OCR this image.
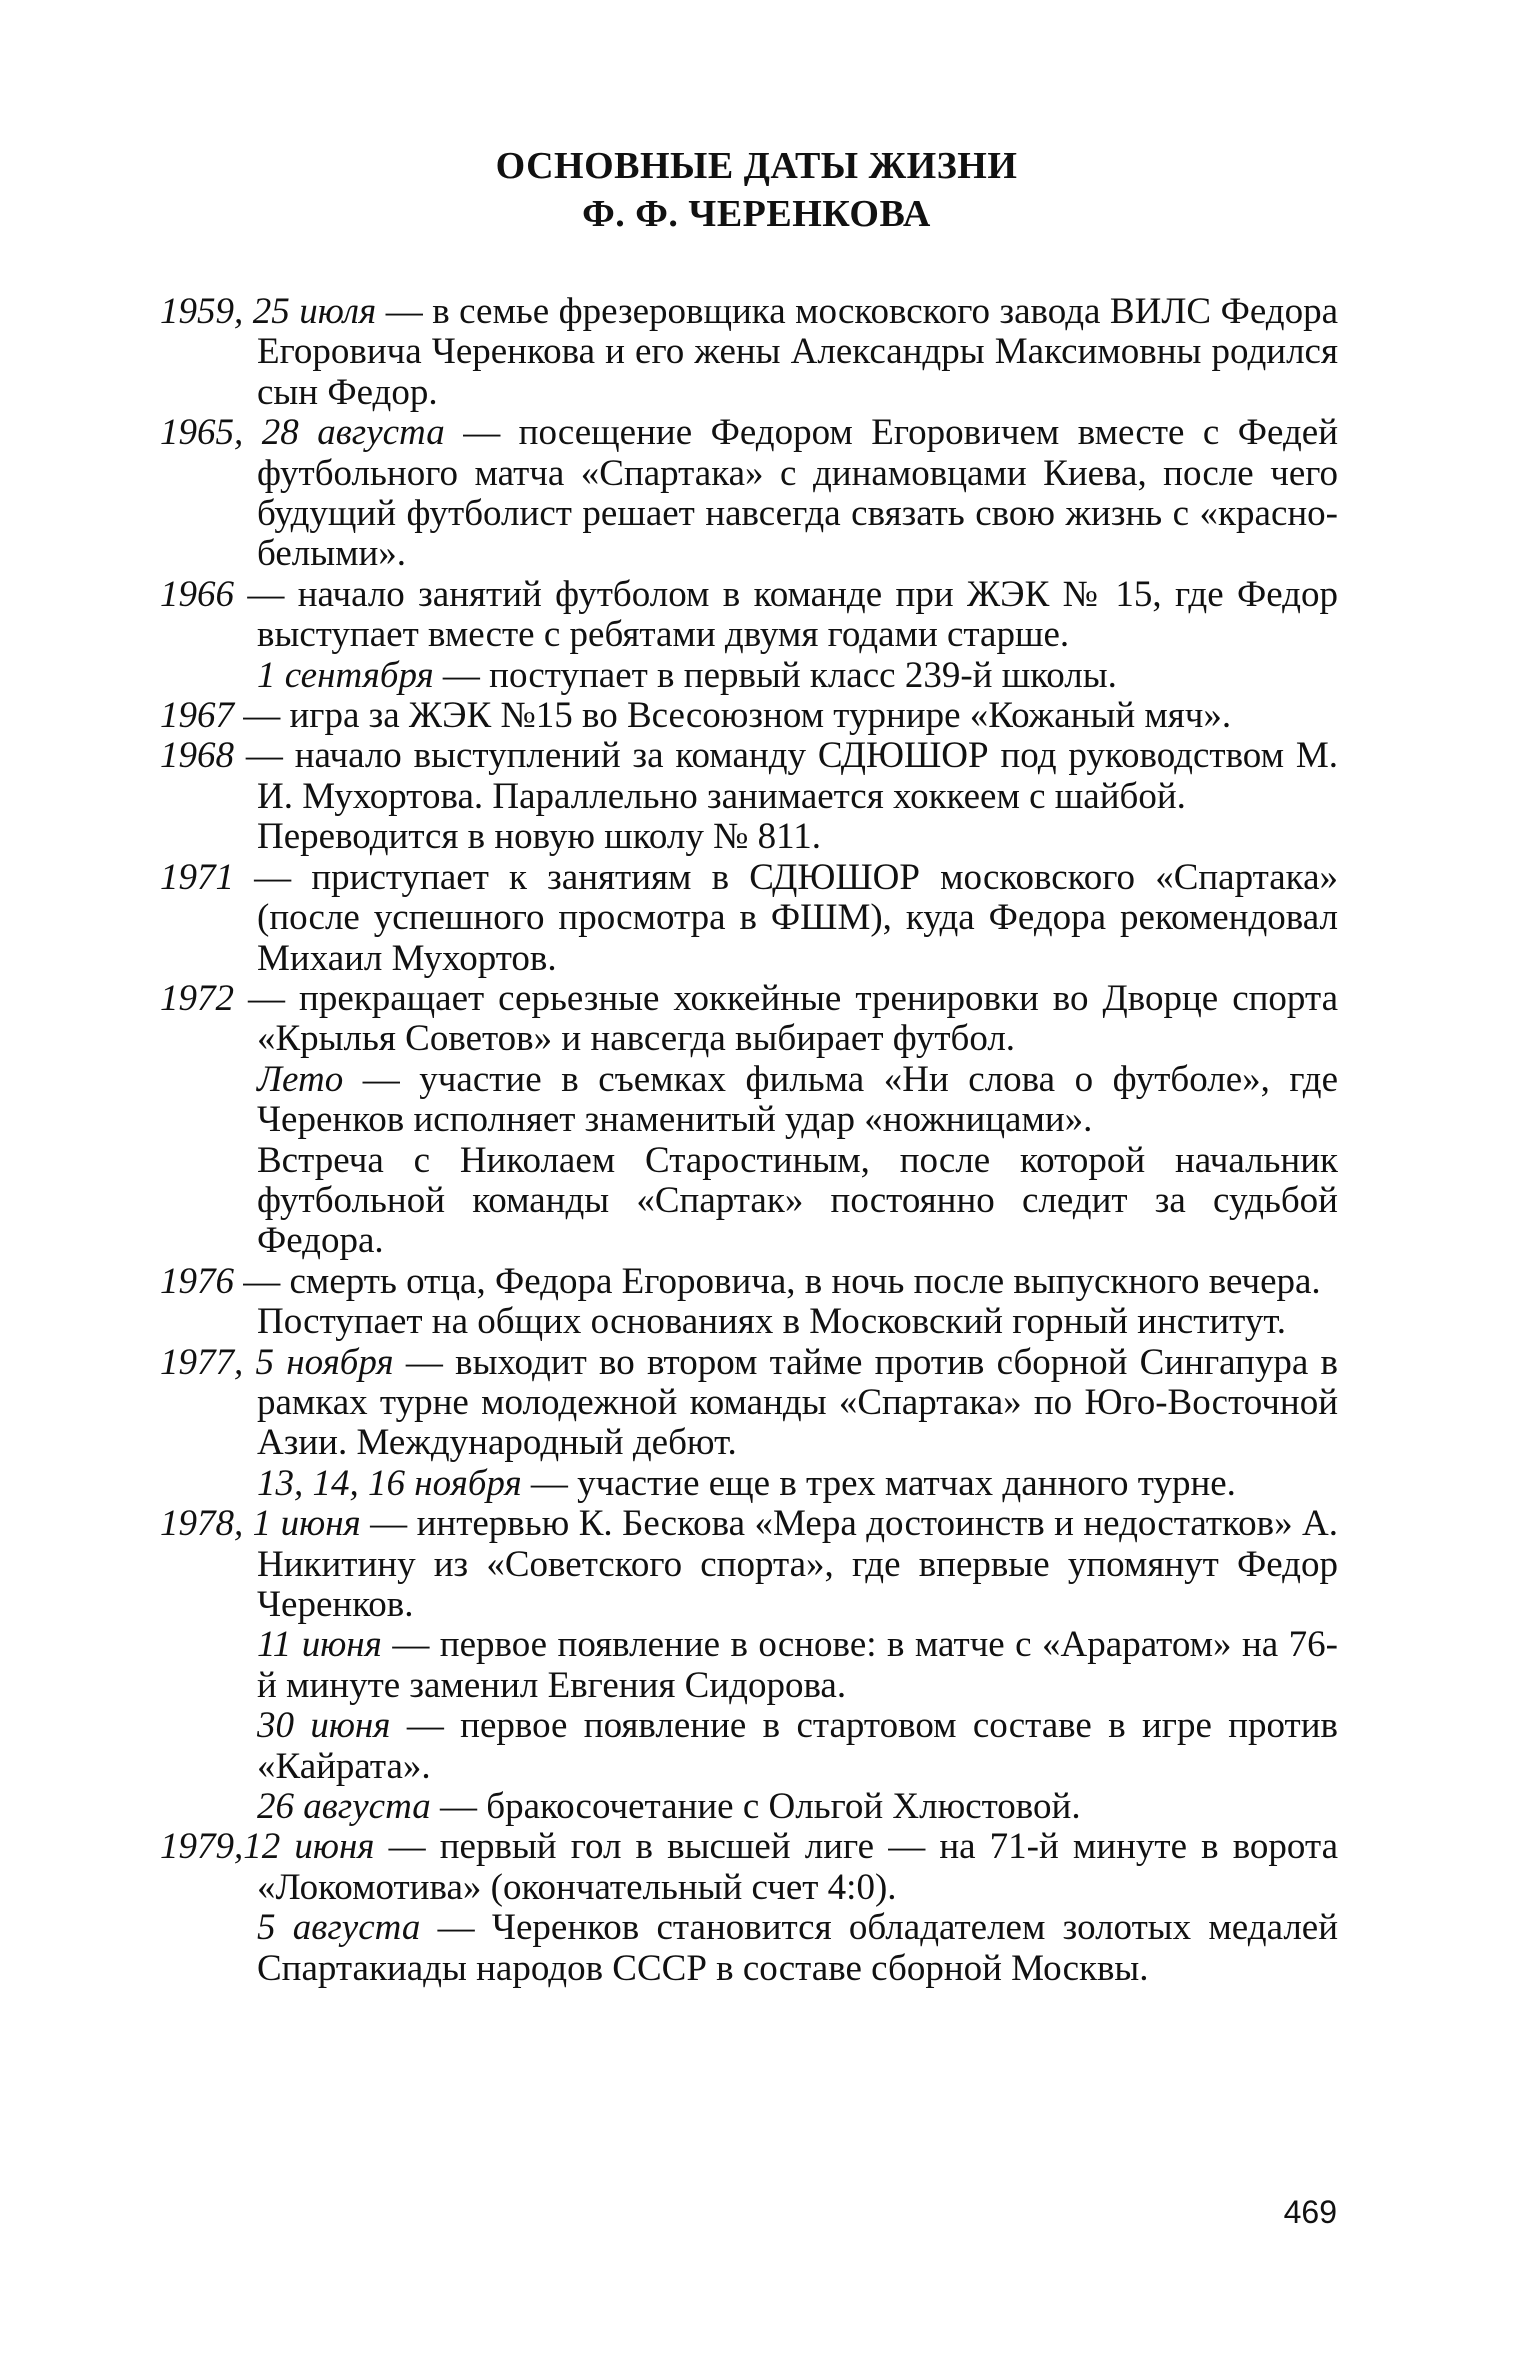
ОСНОВНЫЕ ДАТЫ ЖИЗНИ
Ф. Ф. ЧЕРЕНКОВА

1959, 25 июля — в семье фрезеровщика московского завода ВИЛС Федора Егоровича Черенкова и его жены Александры Максимовны родился сын Федор.

1965, 28 августа — посещение Федором Егоровичем вместе с Федей футбольного матча «Спартака» с динамовцами Киева, после чего будущий футболист решает навсегда связать свою жизнь с «красно-белыми».

1966 — начало занятий футболом в команде при ЖЭК № 15, где Федор выступает вместе с ребятами двумя годами старше.

1 сентября — поступает в первый класс 239-й школы.

1967 — игра за ЖЭК №15 во Всесоюзном турнире «Кожаный мяч».

1968 — начало выступлений за команду СДЮШОР под руководством М. И. Мухортова. Параллельно занимается хоккеем с шайбой.

Переводится в новую школу № 811.

1971 — приступает к занятиям в СДЮШОР московского «Спартака» (после успешного просмотра в ФШМ), куда Федора рекомендовал Михаил Мухортов.

1972 — прекращает серьезные хоккейные тренировки во Дворце спорта «Крылья Советов» и навсегда выбирает футбол.

Лето — участие в съемках фильма «Ни слова о футболе», где Черенков исполняет знаменитый удар «ножницами».

Встреча с Николаем Старостиным, после которой начальник футбольной команды «Спартак» постоянно следит за судьбой Федора.

1976 — смерть отца, Федора Егоровича, в ночь после выпускного вечера.

Поступает на общих основаниях в Московский горный институт.

1977, 5 ноября — выходит во втором тайме против сборной Сингапура в рамках турне молодежной команды «Спартака» по Юго-Восточной Азии. Международный дебют.

13, 14, 16 ноября — участие еще в трех матчах данного турне.

1978, 1 июня — интервью К. Бескова «Мера достоинств и недостатков» А. Никитину из «Советского спорта», где впервые упомянут Федор Черенков.

11 июня — первое появление в основе: в матче с «Араратом» на 76-й минуте заменил Евгения Сидорова.

30 июня — первое появление в стартовом составе в игре против «Кайрата».

26 августа — бракосочетание с Ольгой Хлюстовой.

1979,12 июня — первый гол в высшей лиге — на 71-й минуте в ворота «Локомотива» (окончательный счет 4:0).

5 августа — Черенков становится обладателем золотых медалей Спартакиады народов СССР в составе сборной Москвы.

469
